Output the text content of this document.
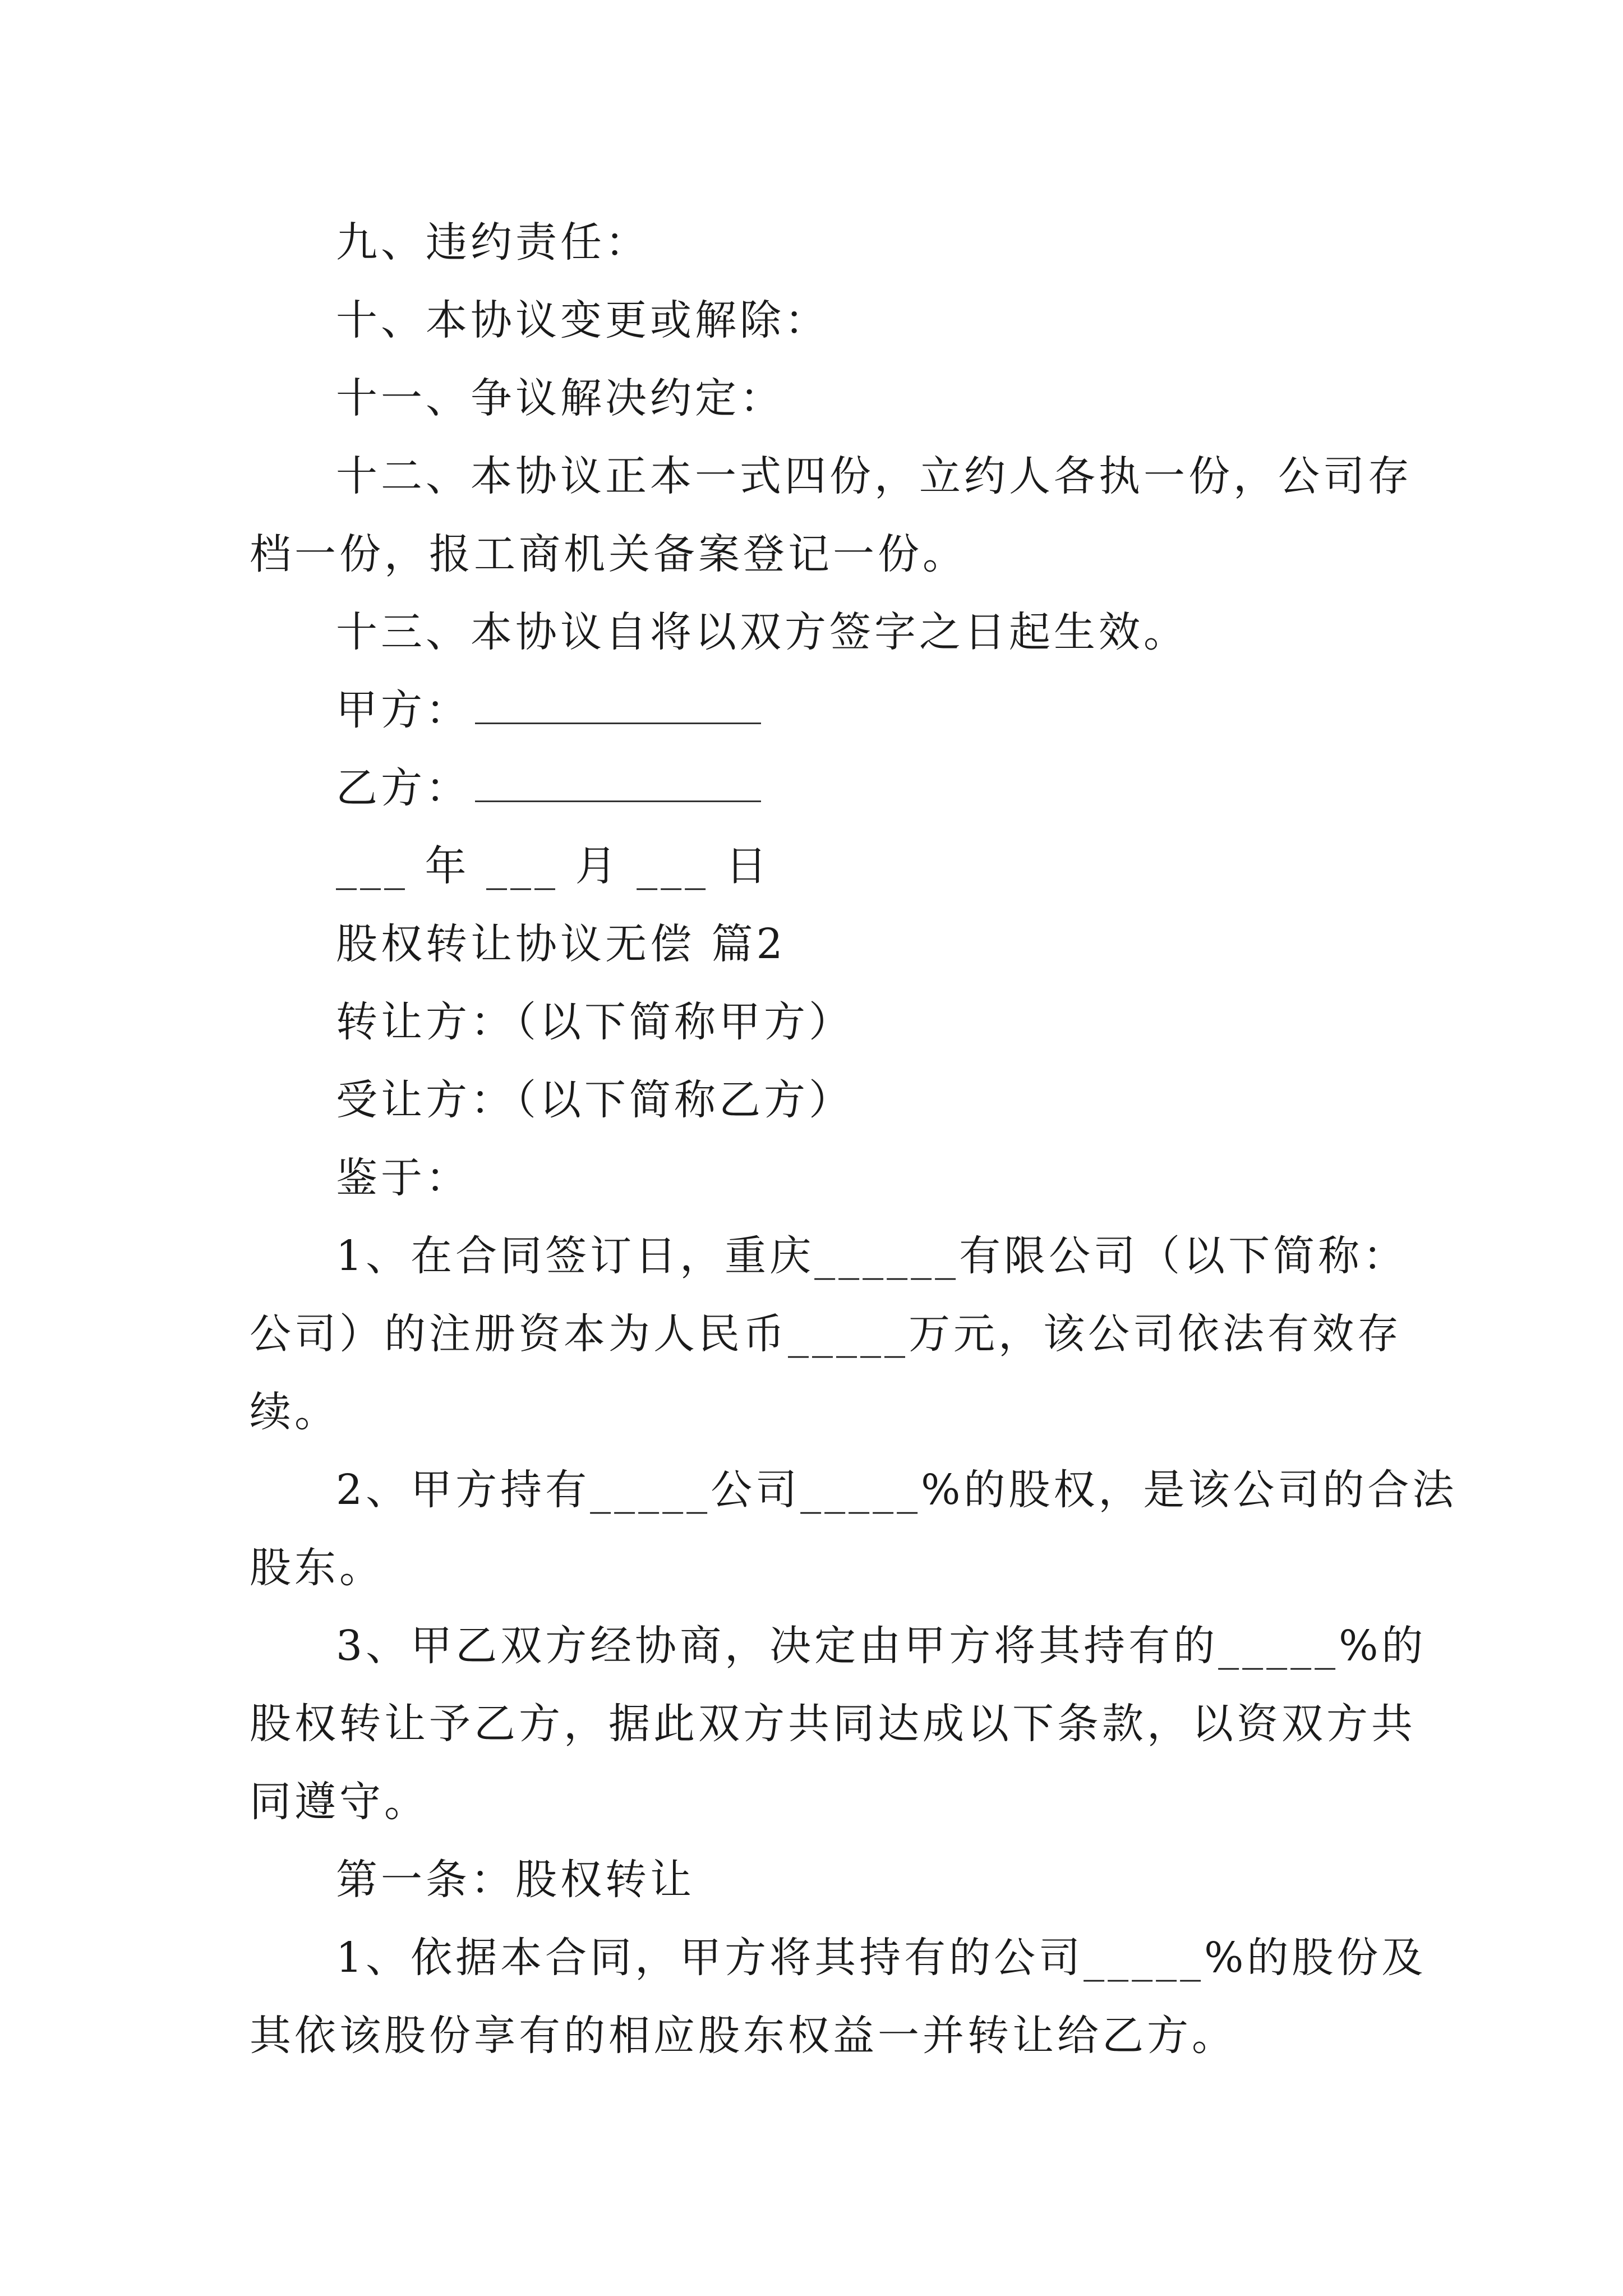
九、违约责任：

十、本协议变更或解除：

十一、争议解决约定：

十二、本协议正本一式四份，立约人各执一份，公司存

档一份，报工商机关备案登记一份。

十三、本协议自将以双方签字之日起生效。

甲方：
乙方：

___ 年 ___ 月 ___ 日

股权转让协议无偿 篇2

转让方：（以下简称甲方）

受让方：（以下简称乙方）

鉴于：

1、在合同签订日，重庆______有限公司（以下简称：

公司）的注册资本为人民币_____万元，该公司依法有效存

续。

2、甲方持有_____公司_____%的股权，是该公司的合法

股东。

3、甲乙双方经协商，决定由甲方将其持有的_____%的

股权转让予乙方，据此双方共同达成以下条款，以资双方共

同遵守。

第一条：股权转让

1、依据本合同，甲方将其持有的公司_____%的股份及

其依该股份享有的相应股东权益一并转让给乙方。
